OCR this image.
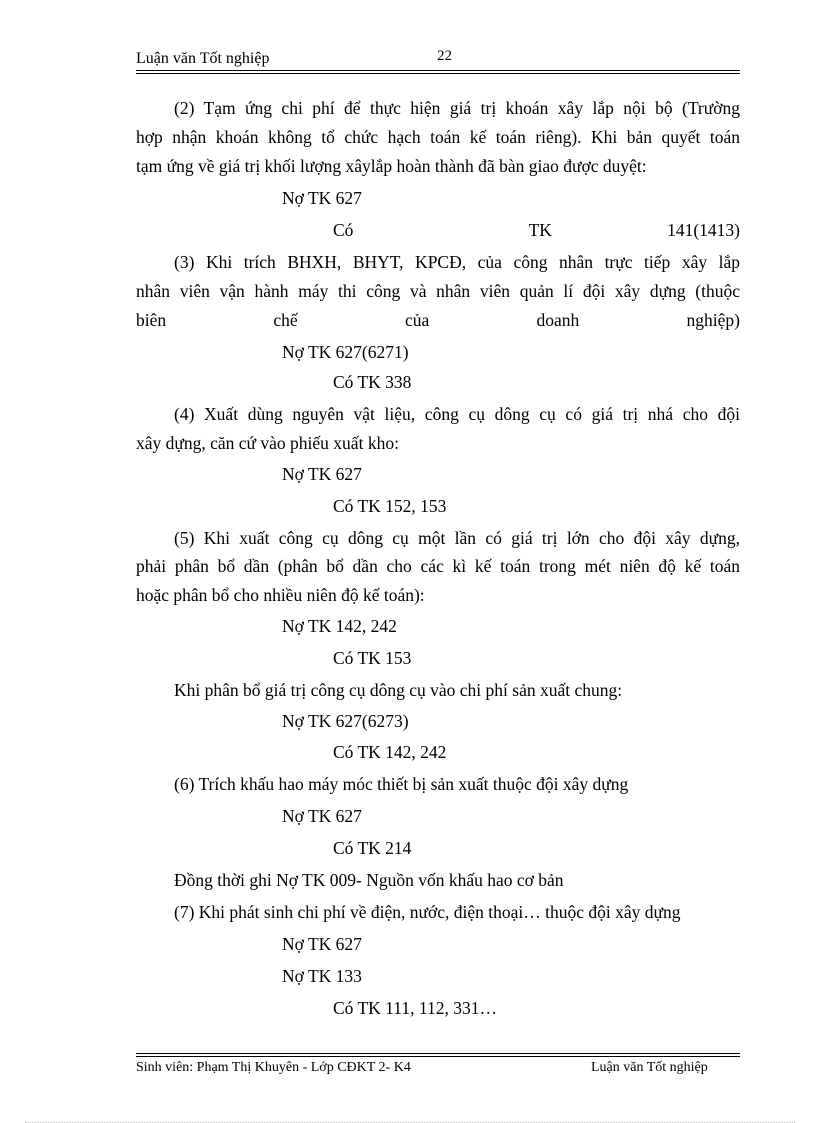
Luận văn Tốt nghiệp	22
(2) Tạm ứng chi phí để thực hiện giá trị khoán xây lắp nội bộ (Trường
hợp nhận khoán không tổ chức hạch toán kế toán riêng). Khi bản quyết toán
tạm ứng về giá trị khối lượng xâylắp hoàn thành đã bàn giao được duyệt:
Nợ TK 627
Có	TK	141(1413)
(3) Khi trích BHXH, BHYT, KPCĐ, của công nhân trực tiếp xây lắp
nhân viên vận hành máy thi công và nhân viên quản lí đội xây dựng (thuộc
biên	chế	của	doanh	nghiệp)
Nợ TK 627(6271)
Có TK 338
(4) Xuất dùng nguyên vật liệu, công cụ dông cụ có giá trị nhá cho đội
xây dựng, căn cứ vào phiếu xuất kho:
Nợ TK 627
Có TK 152, 153
(5) Khi xuất công cụ dông cụ một lần có giá trị lớn cho đội xây dựng,
phải phân bổ dần (phân bổ dần cho các kì kế toán trong mét niên độ kế toán
hoặc phân bổ cho nhiều niên độ kế toán):
Nợ TK 142, 242
Có TK 153
Khi phân bổ giá trị công cụ dông cụ vào chi phí sản xuất chung:
Nợ TK 627(6273)
Có TK 142, 242
(6) Trích khấu hao máy móc thiết bị sản xuất thuộc đội xây dựng
Nợ TK 627
Có TK 214
Đồng thời ghi Nợ TK 009- Nguồn vốn khấu hao cơ bản
(7) Khi phát sinh chi phí về điện, nước, điện thoại… thuộc đội xây dựng
Nợ TK 627
Nợ TK 133
Có TK 111, 112, 331…
Sinh viên: Phạm Thị Khuyên - Lớp CĐKT 2- K4	Luận văn Tốt nghiệp
